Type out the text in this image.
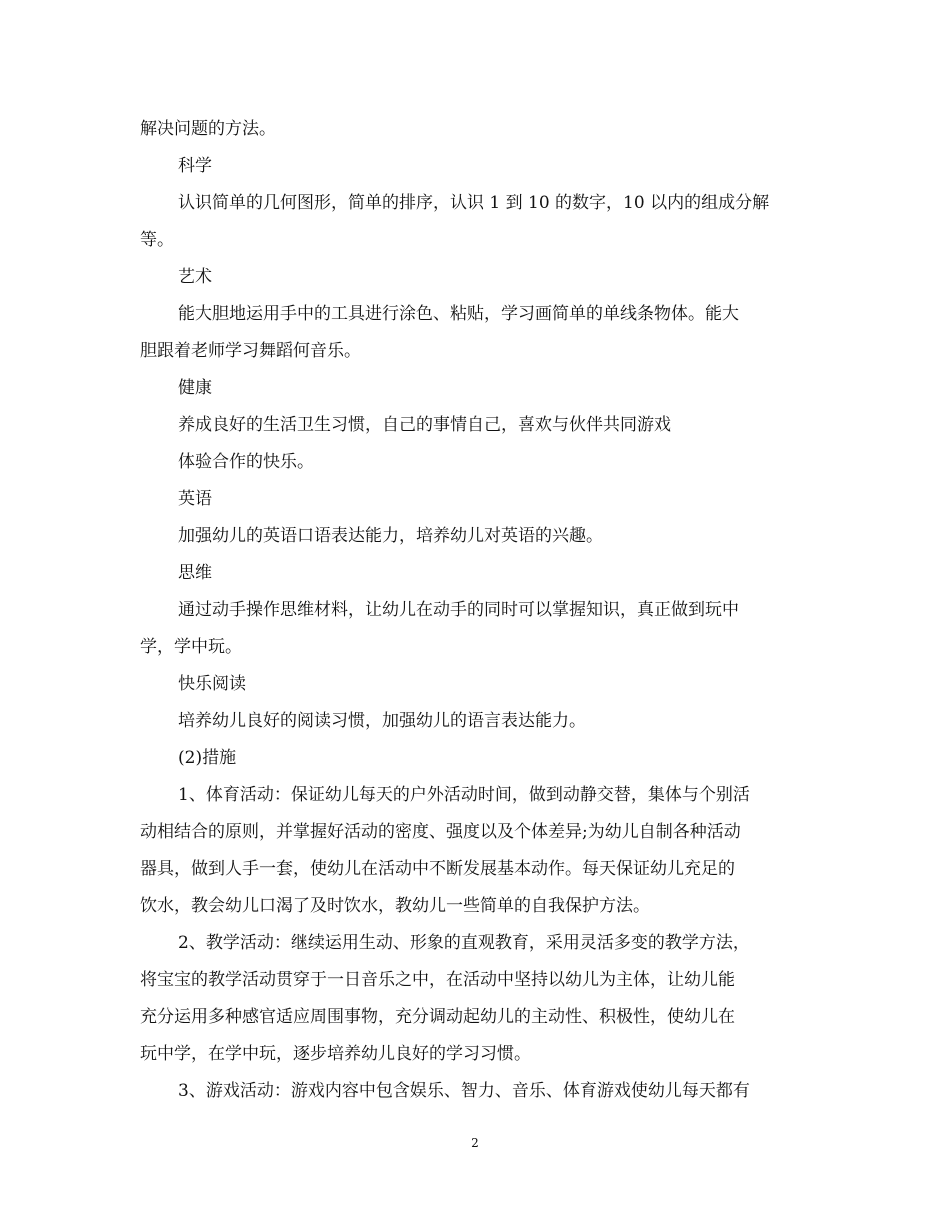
解决问题的方法。
科学
认识简单的几何图形，简单的排序，认识 1 到 10 的数字，10 以内的组成分解
等。
艺术
能大胆地运用手中的工具进行涂色、粘贴，学习画简单的单线条物体。能大
胆跟着老师学习舞蹈何音乐。
健康
养成良好的生活卫生习惯，自己的事情自己，喜欢与伙伴共同游戏
体验合作的快乐。
英语
加强幼儿的英语口语表达能力，培养幼儿对英语的兴趣。
思维
通过动手操作思维材料，让幼儿在动手的同时可以掌握知识，真正做到玩中
学，学中玩。
快乐阅读
培养幼儿良好的阅读习惯，加强幼儿的语言表达能力。
(2)措施
1、体育活动：保证幼儿每天的户外活动时间，做到动静交替，集体与个别活
动相结合的原则，并掌握好活动的密度、强度以及个体差异;为幼儿自制各种活动
器具，做到人手一套，使幼儿在活动中不断发展基本动作。每天保证幼儿充足的
饮水，教会幼儿口渴了及时饮水，教幼儿一些简单的自我保护方法。
2、教学活动：继续运用生动、形象的直观教育，采用灵活多变的教学方法，
将宝宝的教学活动贯穿于一日音乐之中，在活动中坚持以幼儿为主体，让幼儿能
充分运用多种感官适应周围事物，充分调动起幼儿的主动性、积极性，使幼儿在
玩中学，在学中玩，逐步培养幼儿良好的学习习惯。
3、游戏活动：游戏内容中包含娱乐、智力、音乐、体育游戏使幼儿每天都有
2
